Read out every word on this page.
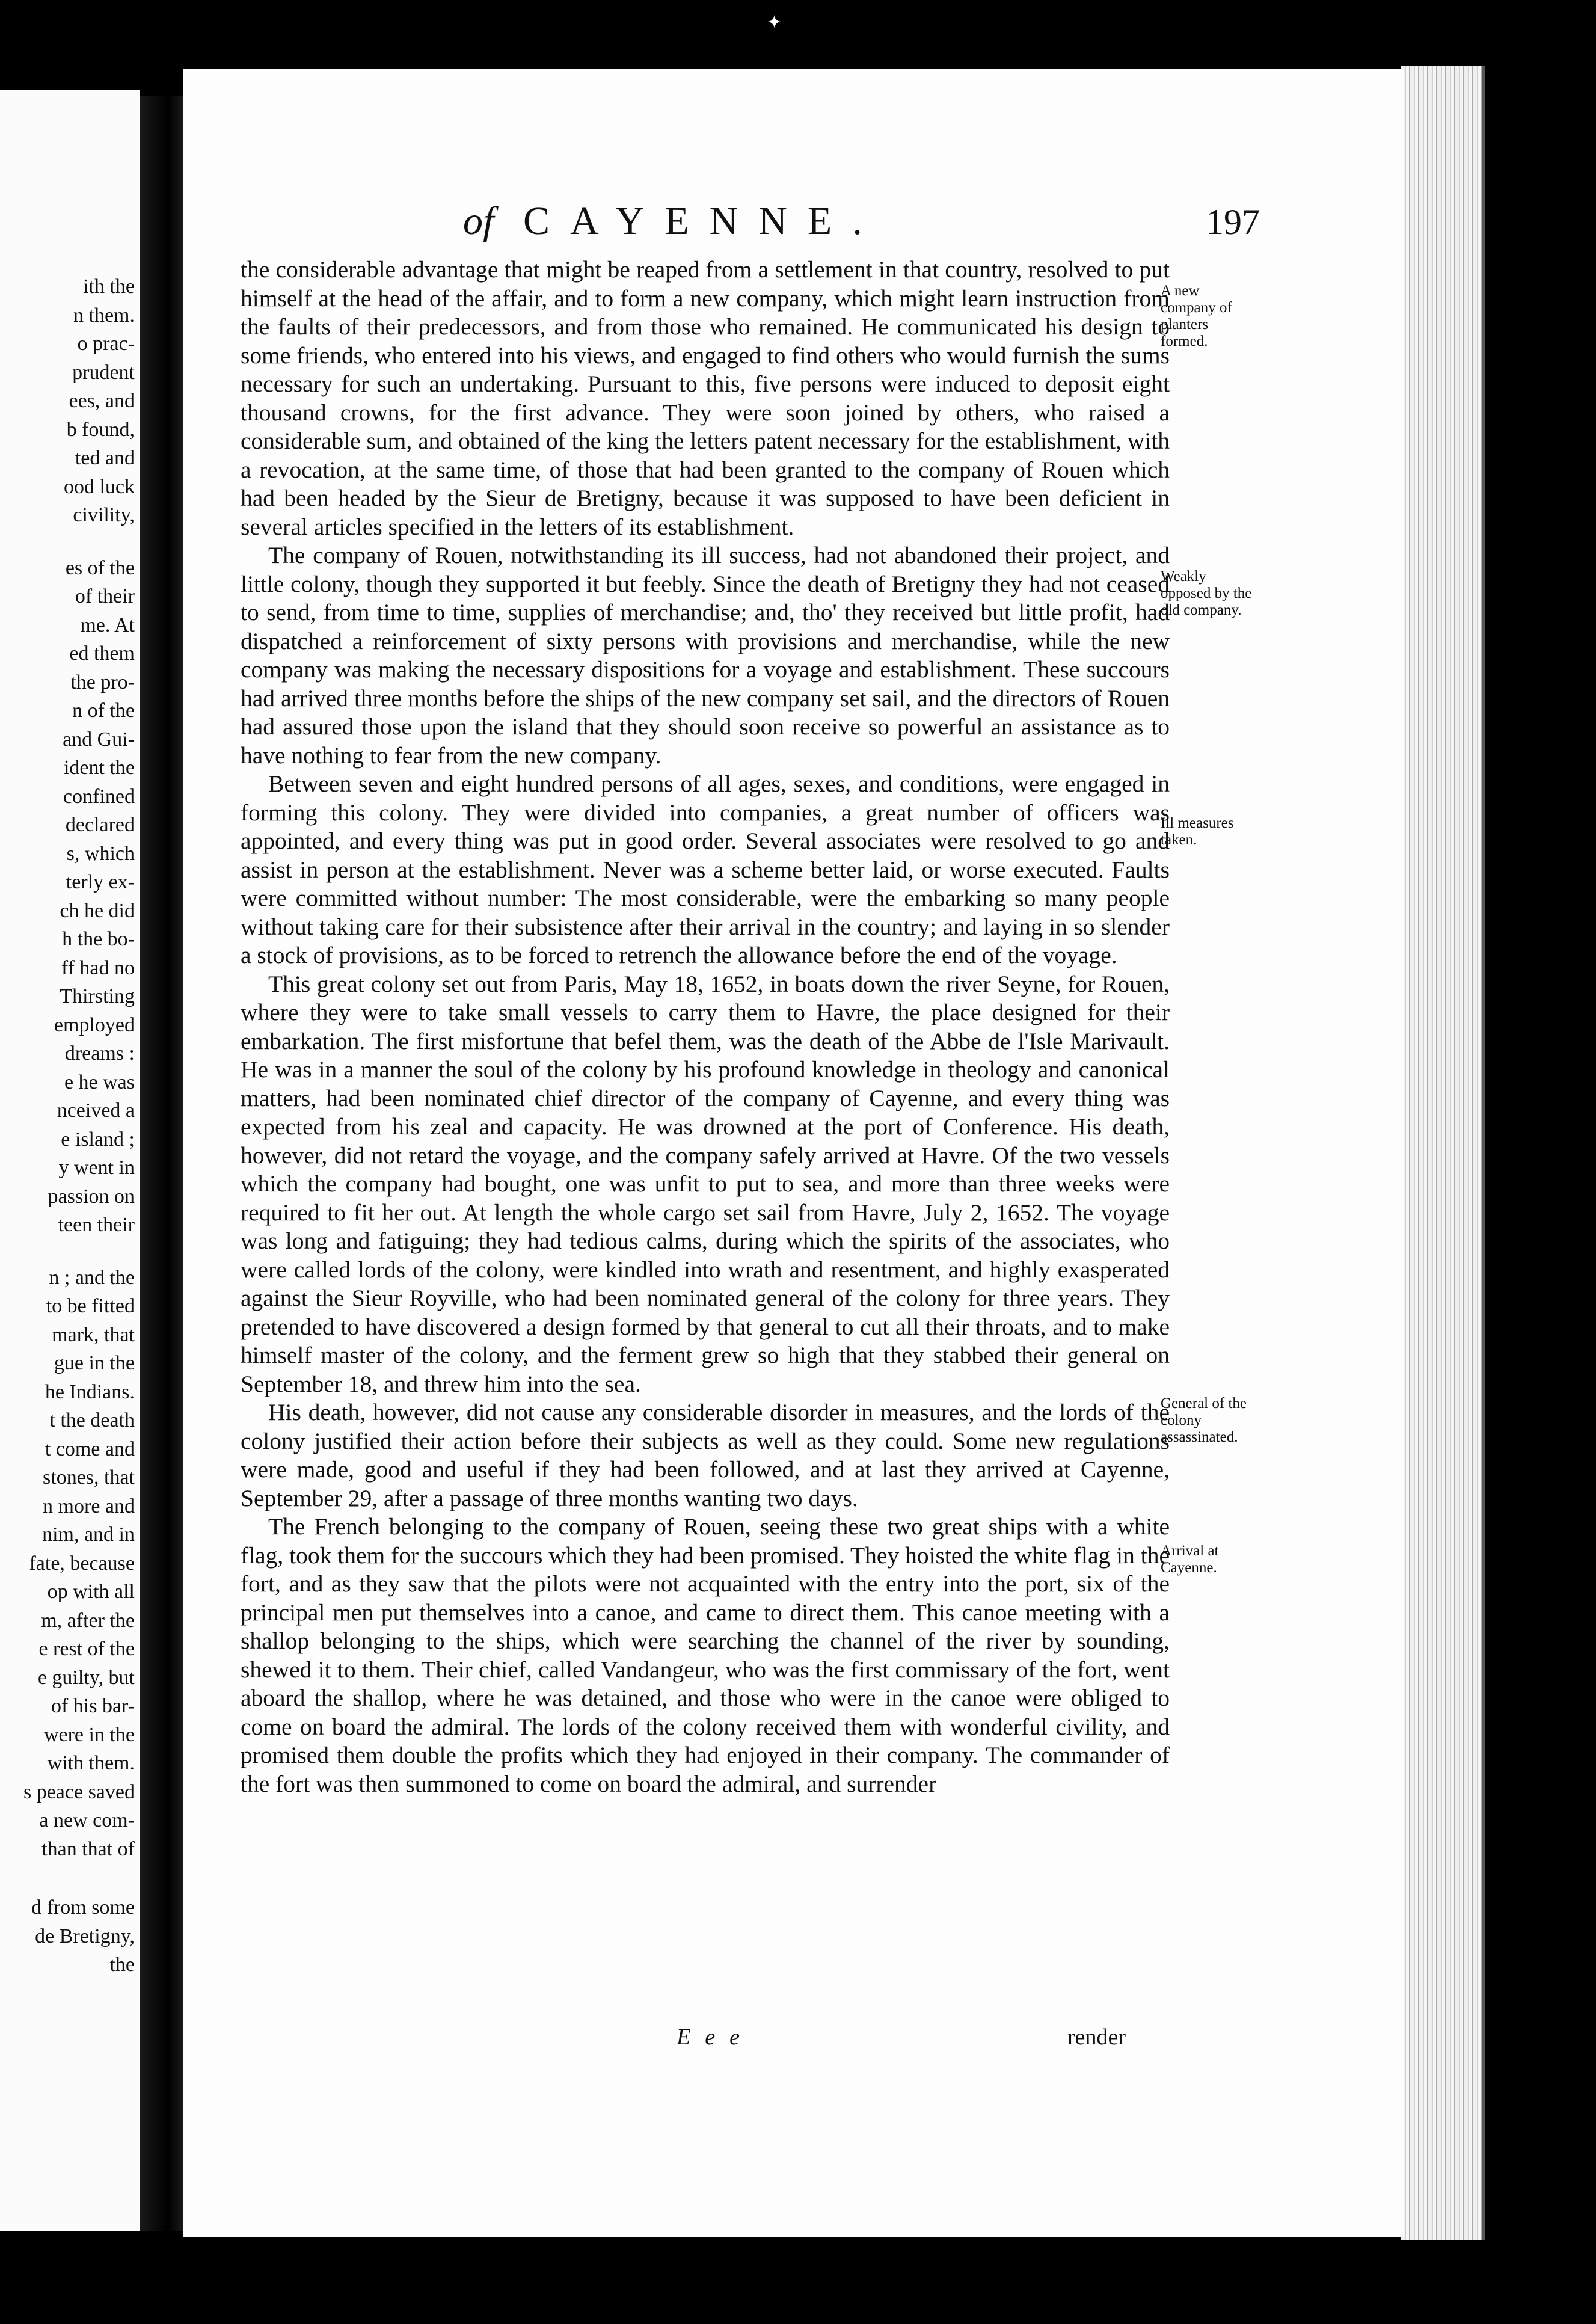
✦
ith the
n them.
o prac-
prudent
ees, and
b found,
ted and
ood luck
civility,
es of the
of their
me. At
ed them
the pro-
n of the
and Gui-
ident the
confined
declared
s, which
terly ex-
ch he did
h the bo-
ff had no
Thirsting
employed
dreams :
e he was
nceived a
e island ;
y went in
passion on
teen their
n ; and the
to be fitted
mark, that
gue in the
he Indians.
t the death
t come and
stones, that
n more and
nim, and in
fate, because
op with all
m, after the
e rest of the
e guilty, but
of his bar-
were in the
with them.
s peace saved
a new com-
than that of
d from some
de Bretigny,
the
of CAYENNE.	197

the considerable advantage that might be reaped from a settlement in that country, resolved to put himself at the head of the affair, and to form a new company, which might learn instruction from the faults of their predecessors, and from those who remained. He communicated his design to some friends, who entered into his views, and engaged to find others who would furnish the sums necessary for such an undertaking. Pursuant to this, five persons were induced to deposit eight thousand crowns, for the first advance. They were soon joined by others, who raised a considerable sum, and obtained of the king the letters patent necessary for the establishment, with a revocation, at the same time, of those that had been granted to the company of Rouen which had been headed by the Sieur de Bretigny, because it was supposed to have been deficient in several articles specified in the letters of its establishment.

The company of Rouen, notwithstanding its ill success, had not abandoned their project, and little colony, though they supported it but feebly. Since the death of Bretigny they had not ceased to send, from time to time, supplies of merchandise; and, tho' they received but little profit, had dispatched a reinforcement of sixty persons with provisions and merchandise, while the new company was making the necessary dispositions for a voyage and establishment. These succours had arrived three months before the ships of the new company set sail, and the directors of Rouen had assured those upon the island that they should soon receive so powerful an assistance as to have nothing to fear from the new company.

Between seven and eight hundred persons of all ages, sexes, and conditions, were engaged in forming this colony. They were divided into companies, a great number of officers was appointed, and every thing was put in good order. Several associates were resolved to go and assist in person at the establishment. Never was a scheme better laid, or worse executed. Faults were committed without number: The most considerable, were the embarking so many people without taking care for their subsistence after their arrival in the country; and laying in so slender a stock of provisions, as to be forced to retrench the allowance before the end of the voyage.

This great colony set out from Paris, May 18, 1652, in boats down the river Seyne, for Rouen, where they were to take small vessels to carry them to Havre, the place designed for their embarkation. The first misfortune that befel them, was the death of the Abbe de l'Isle Marivault. He was in a manner the soul of the colony by his profound knowledge in theology and canonical matters, had been nominated chief director of the company of Cayenne, and every thing was expected from his zeal and capacity. He was drowned at the port of Conference. His death, however, did not retard the voyage, and the company safely arrived at Havre. Of the two vessels which the company had bought, one was unfit to put to sea, and more than three weeks were required to fit her out. At length the whole cargo set sail from Havre, July 2, 1652. The voyage was long and fatiguing; they had tedious calms, during which the spirits of the associates, who were called lords of the colony, were kindled into wrath and resentment, and highly exasperated against the Sieur Royville, who had been nominated general of the colony for three years. They pretended to have discovered a design formed by that general to cut all their throats, and to make himself master of the colony, and the ferment grew so high that they stabbed their general on September 18, and threw him into the sea.

His death, however, did not cause any considerable disorder in measures, and the lords of the colony justified their action before their subjects as well as they could. Some new regulations were made, good and useful if they had been followed, and at last they arrived at Cayenne, September 29, after a passage of three months wanting two days.

The French belonging to the company of Rouen, seeing these two great ships with a white flag, took them for the succours which they had been promised. They hoisted the white flag in the fort, and as they saw that the pilots were not acquainted with the entry into the port, six of the principal men put themselves into a canoe, and came to direct them. This canoe meeting with a shallop belonging to the ships, which were searching the channel of the river by sounding, shewed it to them. Their chief, called Vandangeur, who was the first commissary of the fort, went aboard the shallop, where he was detained, and those who were in the canoe were obliged to come on board the admiral. The lords of the colony received them with wonderful civility, and promised them double the profits which they had enjoyed in their company. The commander of the fort was then summoned to come on board the admiral, and surrender

A new company of planters formed.
Weakly opposed by the old company.
Ill measures taken.
General of the colony assassinated.
Arrival at Cayenne.
Eee	render
